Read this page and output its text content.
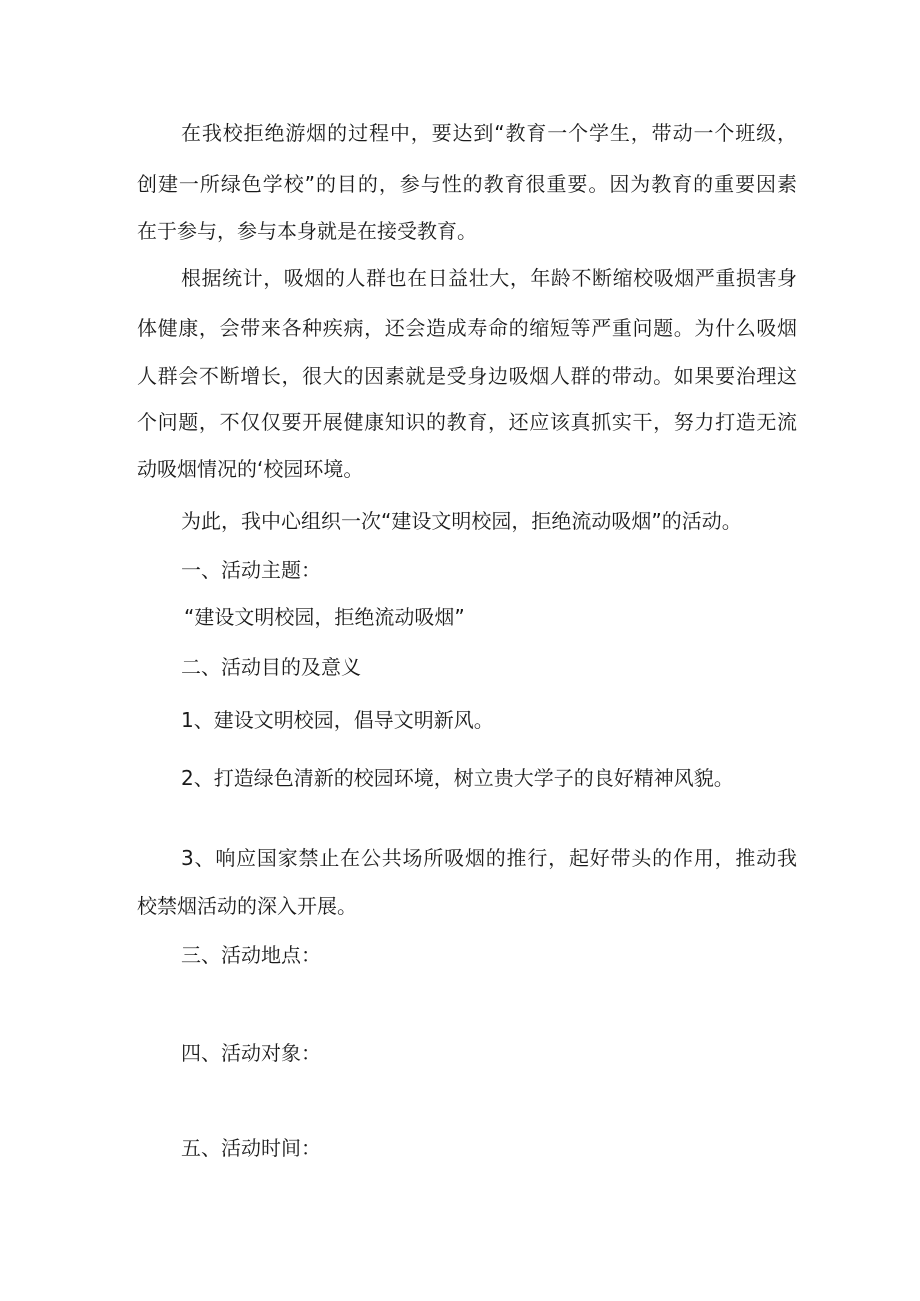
在我校拒绝游烟的过程中，要达到“教育一个学生，带动一个班级，

创建一所绿色学校”的目的，参与性的教育很重要。因为教育的重要因素

在于参与，参与本身就是在接受教育。

根据统计，吸烟的人群也在日益壮大，年龄不断缩校吸烟严重损害身

体健康，会带来各种疾病，还会造成寿命的缩短等严重问题。为什么吸烟

人群会不断增长，很大的因素就是受身边吸烟人群的带动。如果要治理这

个问题，不仅仅要开展健康知识的教育，还应该真抓实干，努力打造无流

动吸烟情况的‘校园环境。

为此，我中心组织一次“建设文明校园，拒绝流动吸烟”的活动。

一、活动主题：

“建设文明校园，拒绝流动吸烟”

二、活动目的及意义

1、建设文明校园，倡导文明新风。

2、打造绿色清新的校园环境，树立贵大学子的良好精神风貌。

3、响应国家禁止在公共场所吸烟的推行，起好带头的作用，推动我

校禁烟活动的深入开展。

三、活动地点：

四、活动对象：

五、活动时间：
